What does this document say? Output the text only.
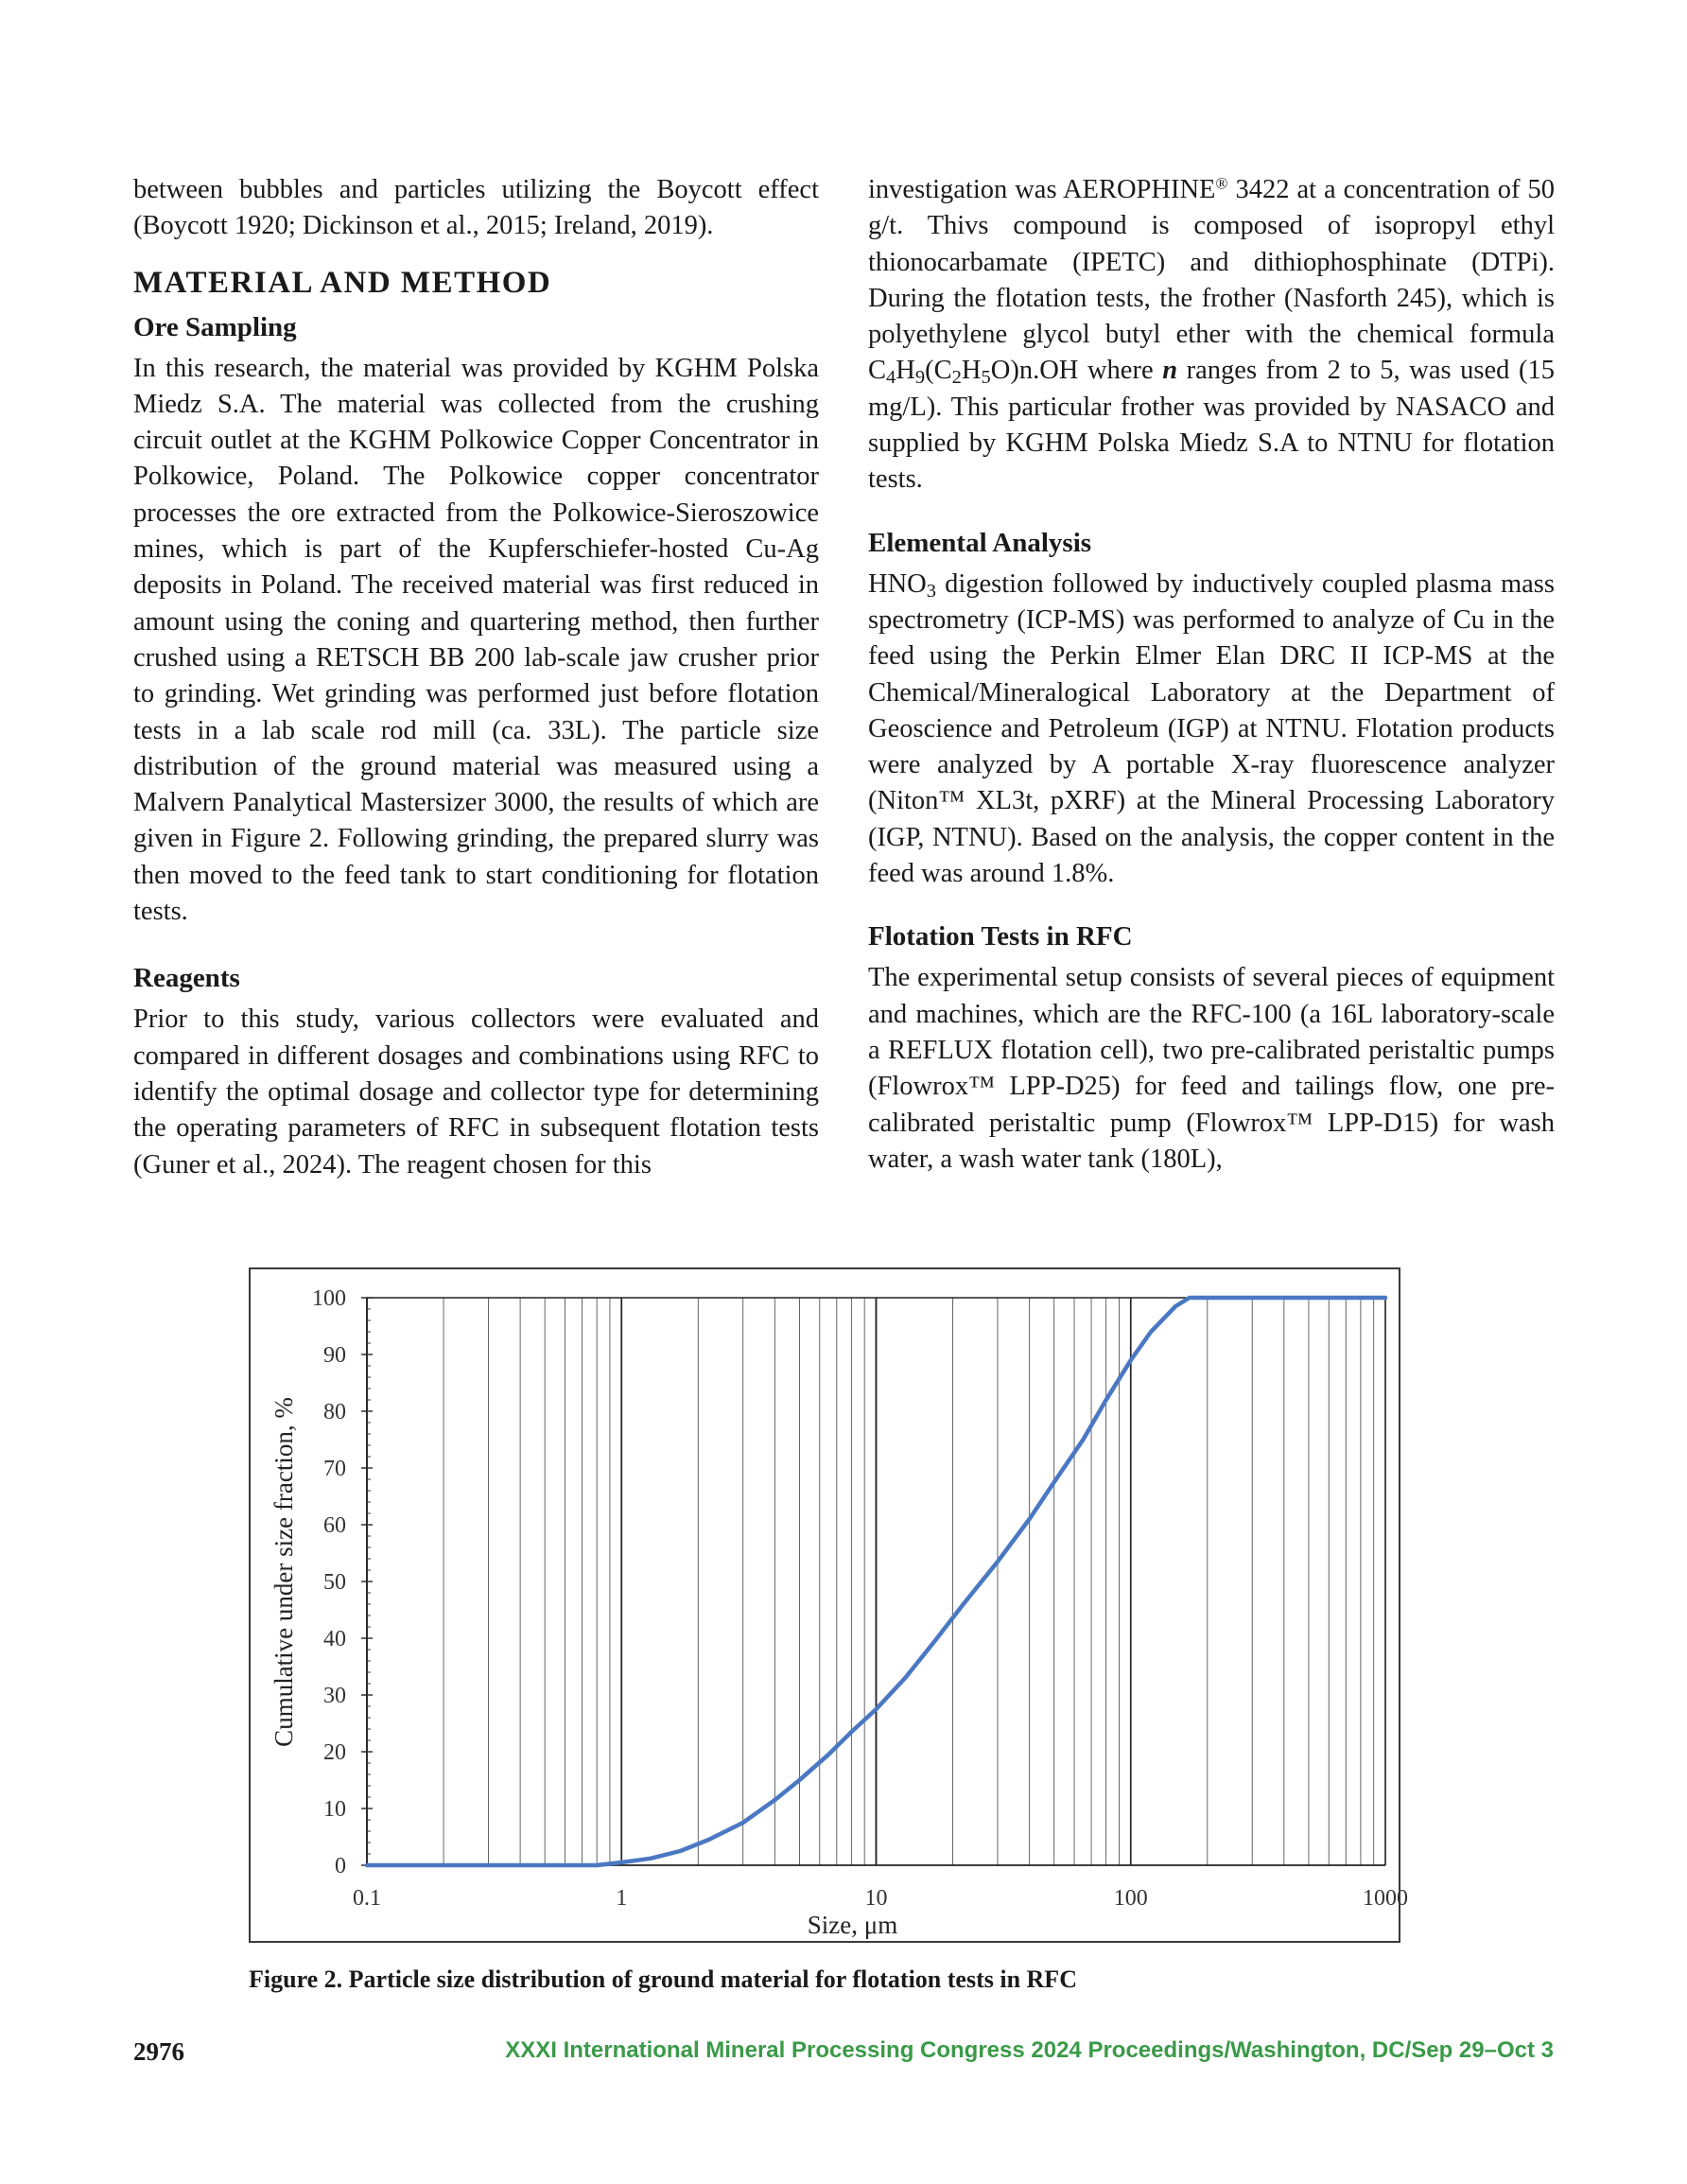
between bubbles and particles utilizing the Boycott effect (Boycott 1920; Dickinson et al., 2015; Ireland, 2019).

MATERIAL AND METHOD
Ore Sampling

In this research, the material was provided by KGHM Polska Miedz S.A. The material was collected from the crushing circuit outlet at the KGHM Polkowice Copper Concentrator in Polkowice, Poland. The Polkowice copper concentrator processes the ore extracted from the Polkowice-Sieroszowice mines, which is part of the Kupferschiefer-hosted Cu-Ag deposits in Poland. The received material was first reduced in amount using the coning and quartering method, then further crushed using a RETSCH BB 200 lab-scale jaw crusher prior to grinding. Wet grinding was performed just before flotation tests in a lab scale rod mill (ca. 33L). The particle size distribution of the ground material was measured using a Malvern Panalytical Mastersizer 3000, the results of which are given in Figure 2. Following grinding, the prepared slurry was then moved to the feed tank to start conditioning for flotation tests.

Reagents

Prior to this study, various collectors were evaluated and compared in different dosages and combinations using RFC to identify the optimal dosage and collector type for determining the operating parameters of RFC in subsequent flotation tests (Guner et al., 2024). The reagent chosen for this

investigation was AEROPHINE® 3422 at a concentration of 50 g/t. Thivs compound is composed of isopropyl ethyl thionocarbamate (IPETC) and dithiophosphinate (DTPi). During the flotation tests, the frother (Nasforth 245), which is polyethylene glycol butyl ether with the chemical formula $C_4H_9(C_2H_5O)n.OH$ where n ranges from 2 to 5, was used (15 mg/L). This particular frother was provided by NASACO and supplied by KGHM Polska Miedz S.A to NTNU for flotation tests.

Elemental Analysis

$HNO_3$ digestion followed by inductively coupled plasma mass spectrometry (ICP-MS) was performed to analyze of Cu in the feed using the Perkin Elmer Elan DRC II ICP-MS at the Chemical/Mineralogical Laboratory at the Department of Geoscience and Petroleum (IGP) at NTNU. Flotation products were analyzed by A portable X-ray fluorescence analyzer (Niton™ XL3t, pXRF) at the Mineral Processing Laboratory (IGP, NTNU). Based on the analysis, the copper content in the feed was around 1.8%.

Flotation Tests in RFC

The experimental setup consists of several pieces of equipment and machines, which are the RFC-100 (a 16L laboratory-scale a REFLUX flotation cell), two pre-calibrated peristaltic pumps (Flowrox™ LPP-D25) for feed and tailings flow, one pre-calibrated peristaltic pump (Flowrox™ LPP-D15) for wash water, a wash water tank (180L),

0
10
20
30
40
50
60
70
80
90
100
0.1	1	10	100	1000
Size, μm
Cumulative under size fraction, %
Figure 2. Particle size distribution of ground material for flotation tests in RFC
2976	XXXI International Mineral Processing Congress 2024 Proceedings/Washington, DC/Sep 29–Oct 3
